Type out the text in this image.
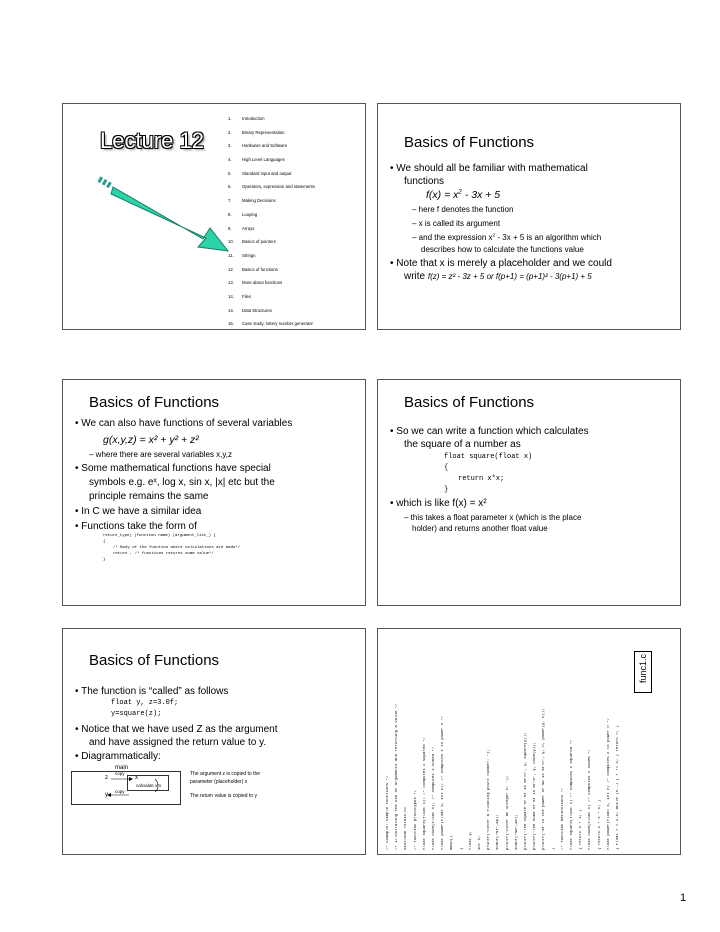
Lecture 12
1. Introduction
2. Binary Representation
3. Hardware and Software
4. High Level Languages
5. Standard input and output
6. Operators, expression and statements
7. Making Decisions
8. Looping
9. Arrays
10. Basics of pointers
11. Strings
12. Basics of functions
13. More about functions
14. Files
14. Data Structures
16. Case study: lottery number generator
Basics of Functions
• We should all be familiar with mathematical
functions
$f(x) = x^2 - 3x + 5$
– here f denotes the function
– x is called its argument
– and the expression $x^2 - 3x + 5$ is an algorithm which
describes how to calculate the functions value
• Note that x is merely a placeholder and we could
write f(z) = z² - 3z + 5 or f(p+1) = (p+1)² - 3(p+1) + 5
Basics of Functions
• We can also have functions of several variables
g(x,y,z) = x² + y² + z²
– where there are several variables x,y,z
• Some mathematical functions have special
symbols e.g. eˣ, log x, sin x, |x| etc but the
principle remains the same
• In C we have a similar idea
• Functions take the form of
return_type) (function name) (argument_list_) {
{
/* Body of the function where calculations are made*/
return , /* functions returns some value*/
}
Basics of Functions
• So we can write a function which calculates
the square of a number as
float square(float x)
{
return x*x;
}
• which is like f(x) = x²
– this takes a float parameter x (which is the place
holder) and returns another float value
Basics of Functions
• The function is “called” as follows
float y, z=3.0f;
y=square(z);
• Notice that we have used Z as the argument
and have assigned the return value to y.
• Diagrammatically:
main
z
copy
x
calculate x*x
y
copy
The argument z is copied to the
parameter (placeholder) x
The return value is copied to y	/* Example: simple functions */	/* illustrating the use of arguments and returning a value */	#include <stdio.h>	/* function prototypes */	float square(float x); /* computes x squared */	float cube(float x); /* computes x cubed */	float power(float x, int n); /* computes x to power n */	main()	{	float y;	int n;	printf("Enter a floating point number: ");	scanf("%f",&y);	printf("Enter an integer n: ");	scanf("%d",&n);	printf("The square of %f is %f\n", y, square(y));	printf("The cube of %f is %f\n", y, cube(y));	printf("%f to the power of %d is %f\n", y, n, power(y, n));	}	/* function definitions */	float square(float x) /* computes x squared */	{ return x * x; }	float cube(float x) /* computes x cubed */	{ return x * x * x; }	float power(float x, int n) /* computes x to power n */	{ float r = 1.0; while (n--) { r *= x; } return r; }
func1.c
1
